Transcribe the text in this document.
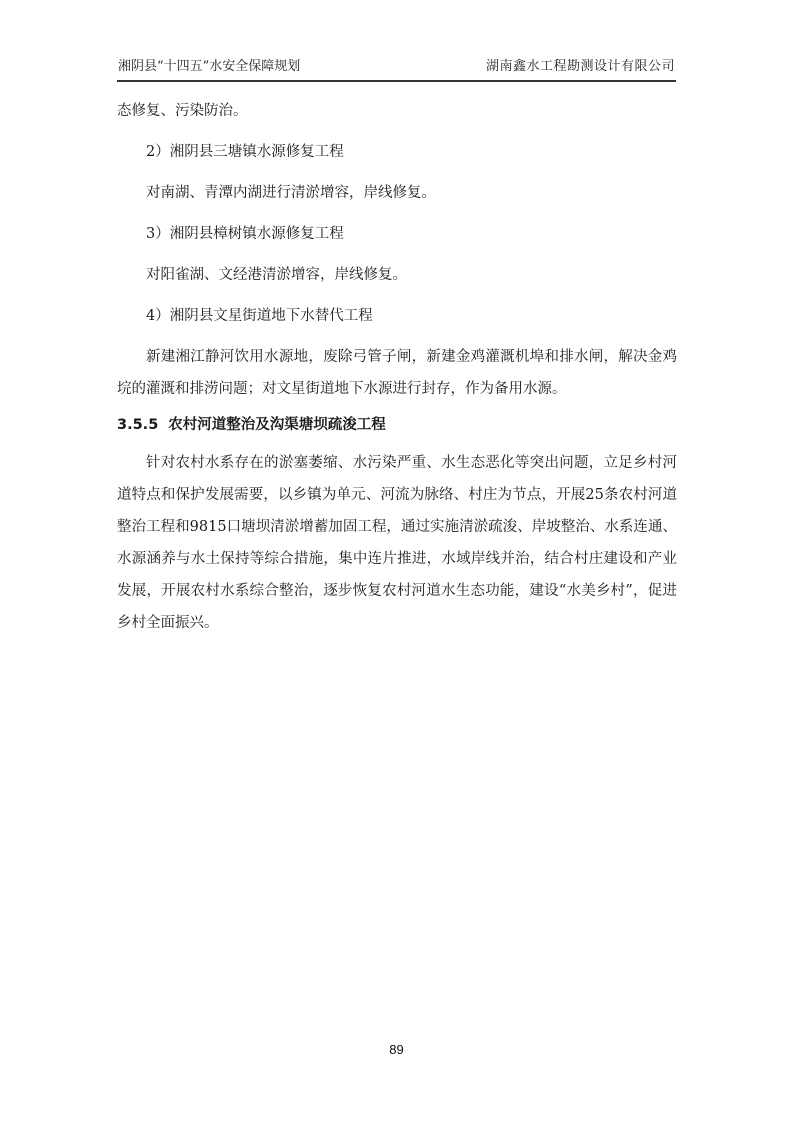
湘阴县“十四五”水安全保障规划	湖南鑫水工程勘测设计有限公司

态修复、污染防治。

2）湘阴县三塘镇水源修复工程

对南湖、青潭内湖进行清淤增容，岸线修复。

3）湘阴县樟树镇水源修复工程

对阳雀湖、文经港清淤增容，岸线修复。

4）湘阴县文星街道地下水替代工程

新建湘江静河饮用水源地，废除弓管子闸，新建金鸡灌溉机埠和排水闸，解决金鸡垸的灌溉和排涝问题；对文星街道地下水源进行封存，作为备用水源。

3.5.5 农村河道整治及沟渠塘坝疏浚工程

针对农村水系存在的淤塞萎缩、水污染严重、水生态恶化等突出问题，立足乡村河道特点和保护发展需要，以乡镇为单元、河流为脉络、村庄为节点，开展25条农村河道整治工程和9815口塘坝清淤增蓄加固工程，通过实施清淤疏浚、岸坡整治、水系连通、水源涵养与水土保持等综合措施，集中连片推进，水域岸线并治，结合村庄建设和产业发展，开展农村水系综合整治，逐步恢复农村河道水生态功能，建设“水美乡村”，促进乡村全面振兴。

89
